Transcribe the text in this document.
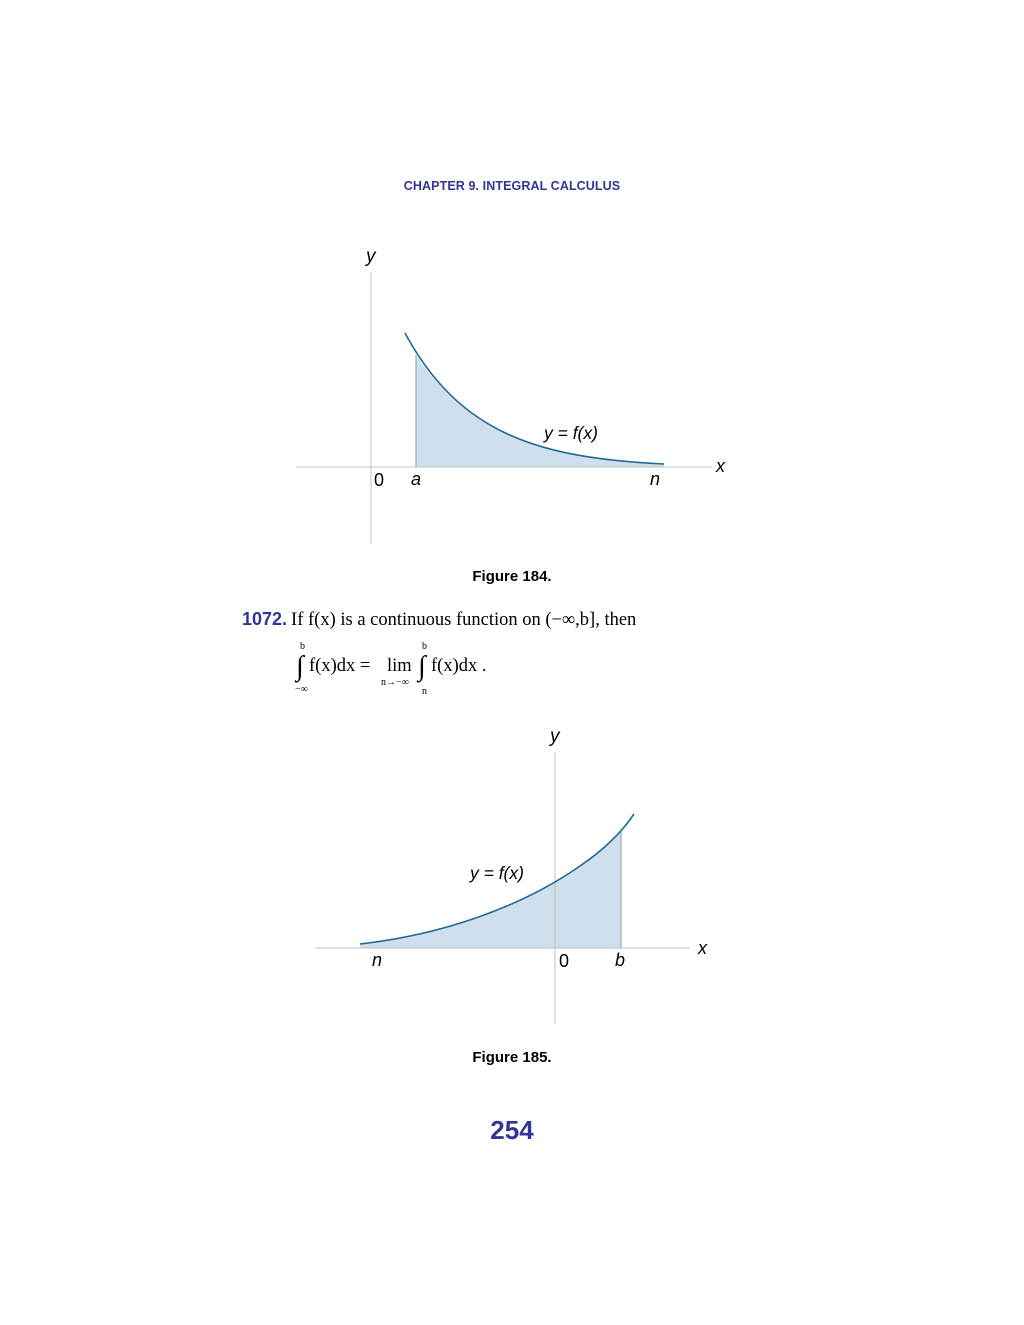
CHAPTER 9. INTEGRAL CALCULUS
y
x
0 a	n
y = f(x)
Figure 184.
1072. If f(x) is a continuous function on (−∞,b], then
∫
b
−∞
f(x)dx = lim
n→−∞
∫
b
n
f(x)dx .
y
x
0	b
n
y = f(x)
Figure 185.
254
